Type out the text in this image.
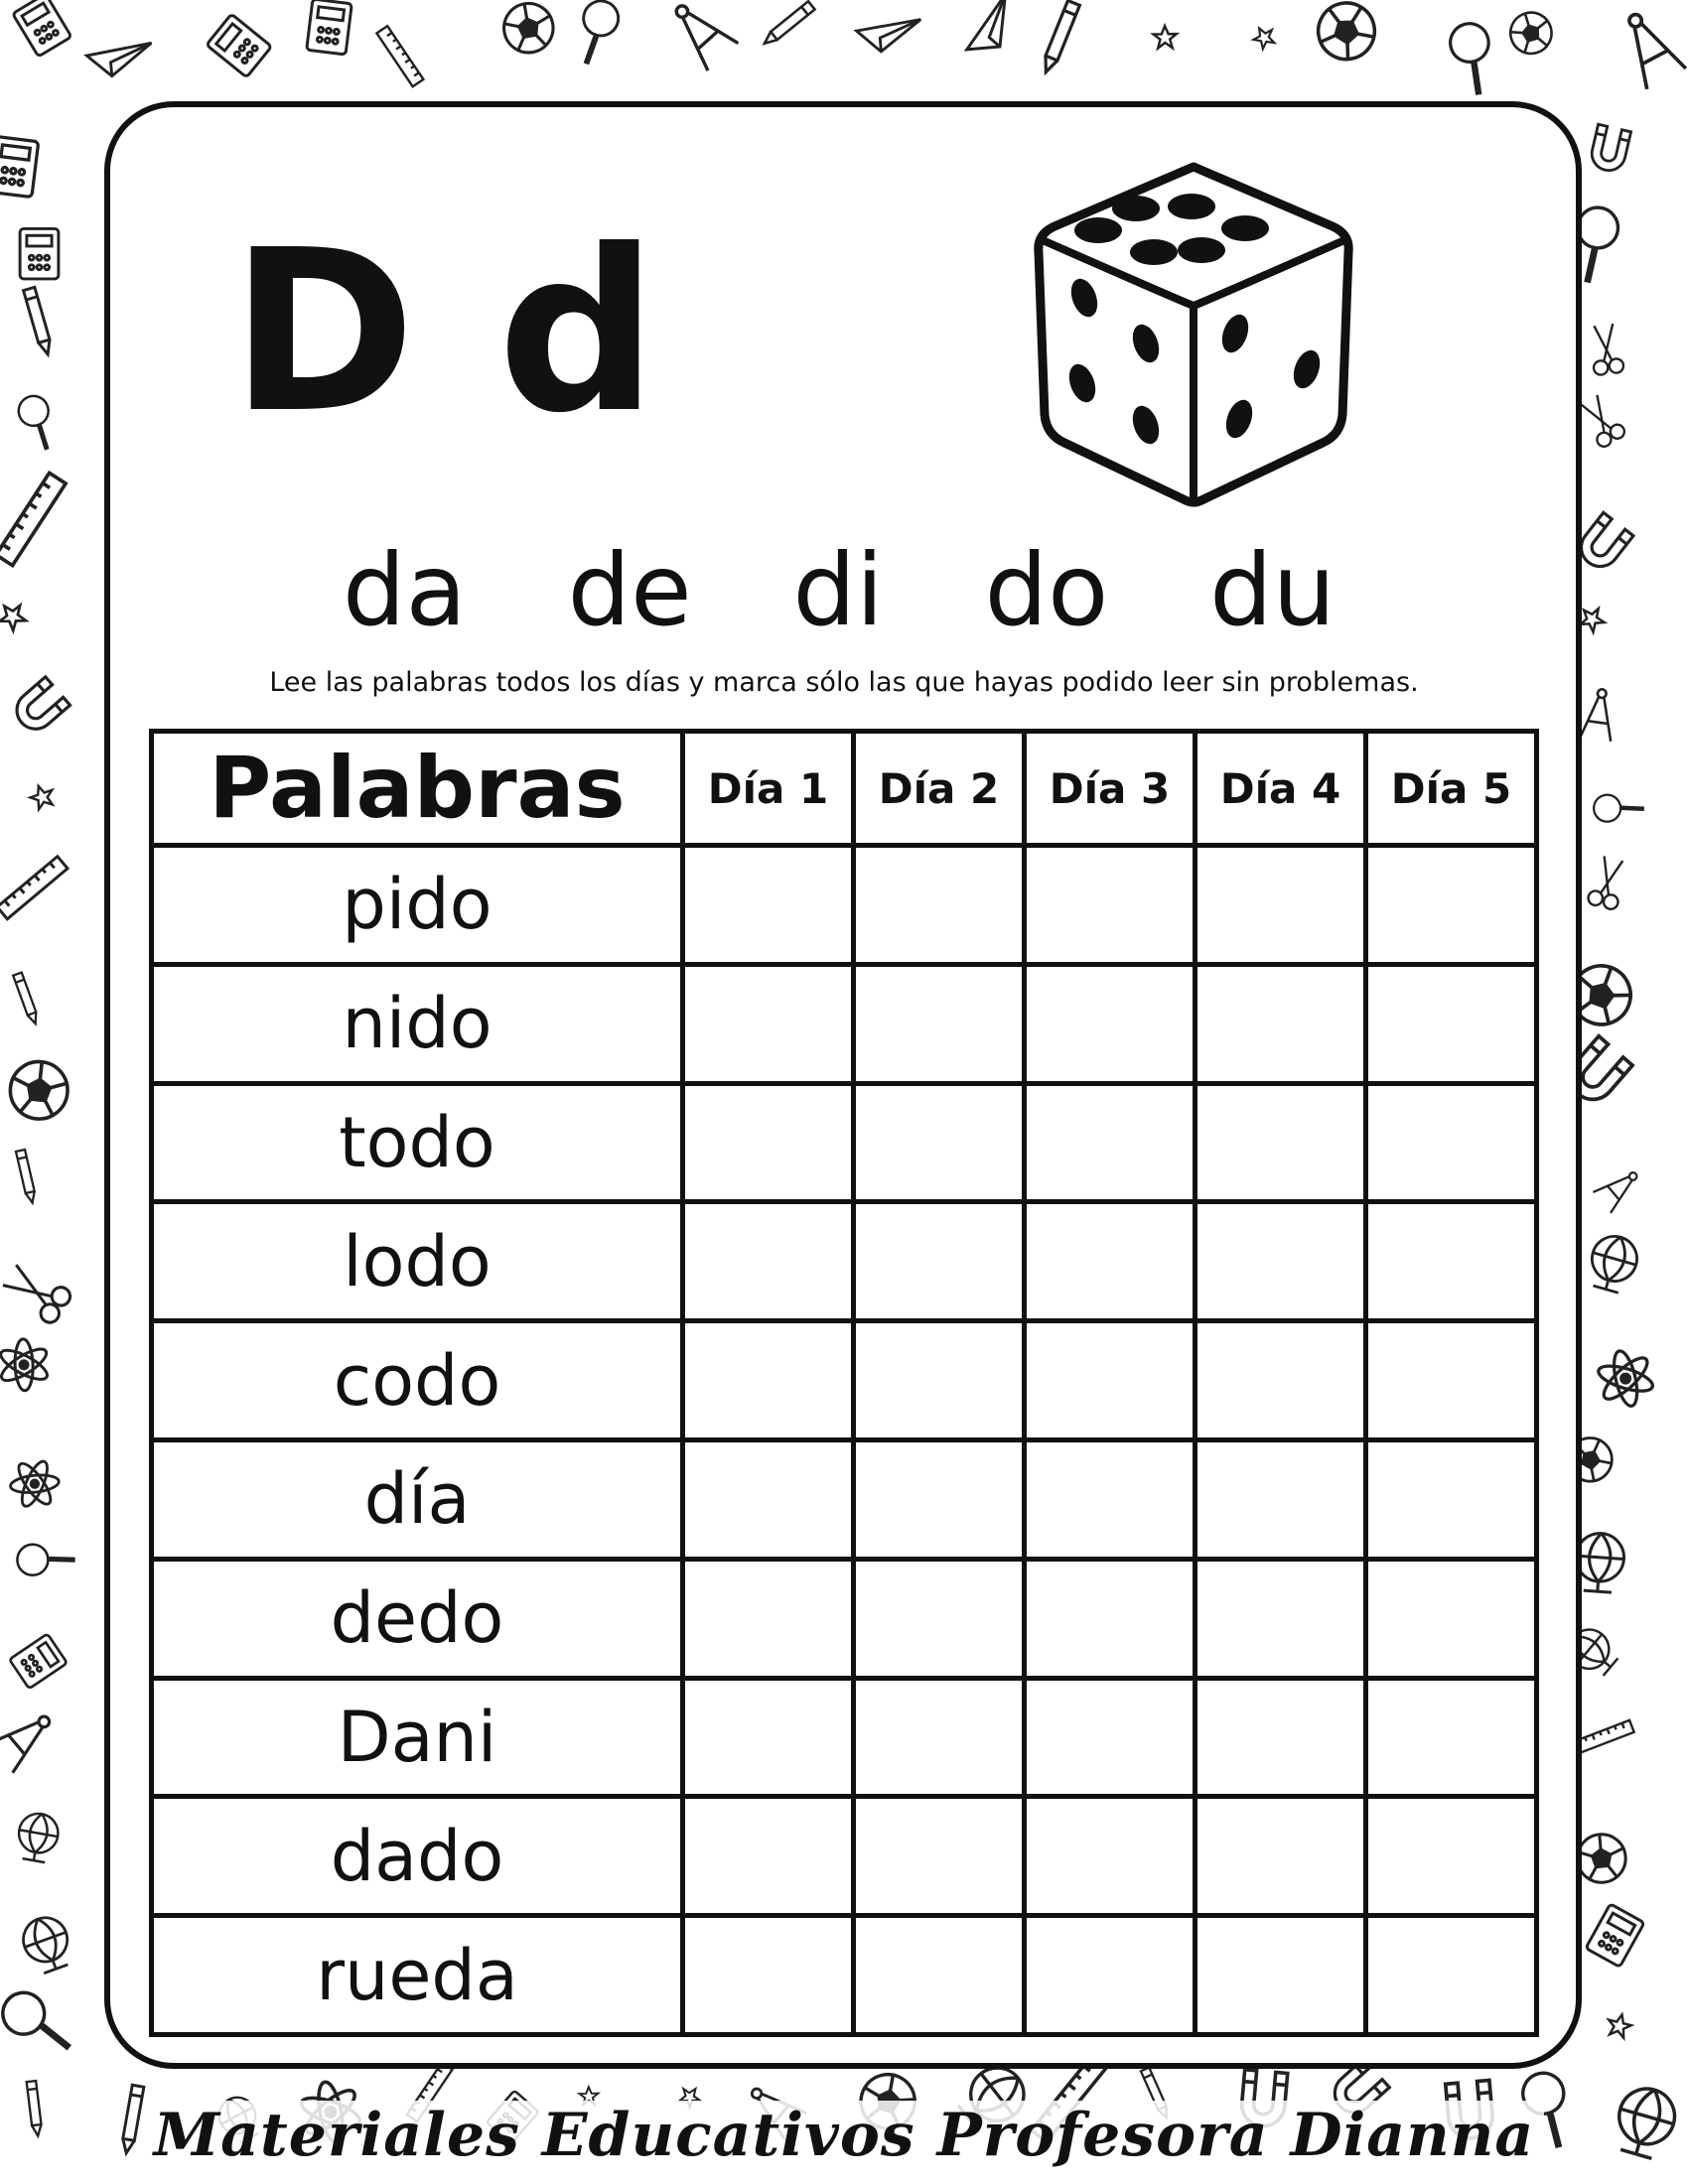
D d
da de di do du
Lee las palabras todos los días y marca sólo las que hayas podido leer sin problemas.
Palabras	Día 1	Día 2	Día 3	Día 4	Día 5
pido					
nido					
todo					
lodo					
codo					
día					
dedo					
Dani					
dado					
rueda					
Materiales Educativos Profesora Dianna
